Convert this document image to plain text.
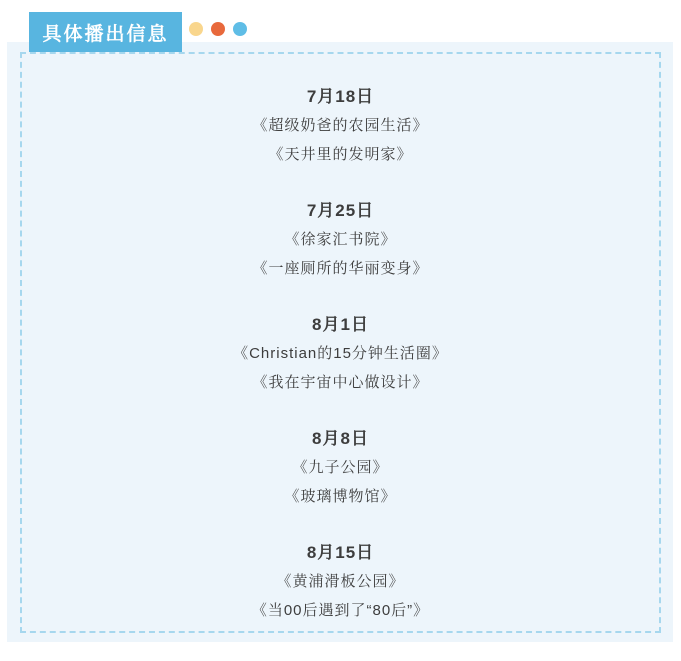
具体播出信息
7月18日
《超级奶爸的农园生活》
《天井里的发明家》
7月25日
《徐家汇书院》
《一座厕所的华丽变身》
8月1日
《Christian的15分钟生活圈》
《我在宇宙中心做设计》
8月8日
《九子公园》
《玻璃博物馆》
8月15日
《黄浦滑板公园》
《当00后遇到了“80后”》
